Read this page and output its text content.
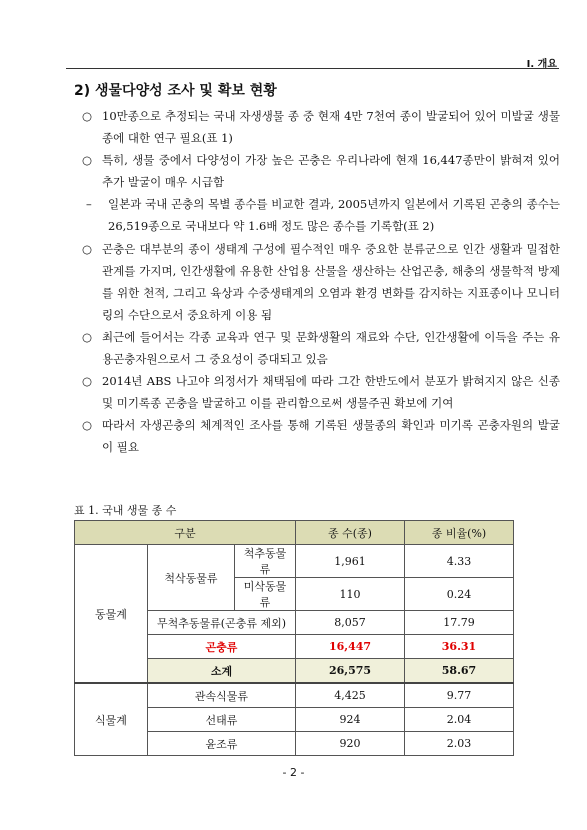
I. 개요
2) 생물다양성 조사 및 확보 현황
○ 10만종으로 추정되는 국내 자생생물 종 중 현재 4만 7천여 종이 발굴되어 있어 미발굴 생물종에 대한 연구 필요(표 1)
○ 특히, 생물 중에서 다양성이 가장 높은 곤충은 우리나라에 현재 16,447종만이 밝혀져 있어 추가 발굴이 매우 시급함
– 일본과 국내 곤충의 목별 종수를 비교한 결과, 2005년까지 일본에서 기록된 곤충의 종수는 26,519종으로 국내보다 약 1.6배 정도 많은 종수를 기록함(표 2)
○ 곤충은 대부분의 종이 생태계 구성에 필수적인 매우 중요한 분류군으로 인간 생활과 밀접한 관계를 가지며, 인간생활에 유용한 산업용 산물을 생산하는 산업곤충, 해충의 생물학적 방제를 위한 천적, 그리고 육상과 수중생태계의 오염과 환경 변화를 감지하는 지표종이나 모니터링의 수단으로서 중요하게 이용 됨
○ 최근에 들어서는 각종 교육과 연구 및 문화생활의 재료와 수단, 인간생활에 이득을 주는 유용곤충자원으로서 그 중요성이 증대되고 있음
○ 2014년 ABS 나고야 의정서가 채택됨에 따라 그간 한반도에서 분포가 밝혀지지 않은 신종 및 미기록종 곤충을 발굴하고 이를 관리함으로써 생물주권 확보에 기여
○ 따라서 자생곤충의 체계적인 조사를 통해 기록된 생물종의 확인과 미기록 곤충자원의 발굴이 필요
표 1. 국내 생물 종 수
구분			종 수(종)	종 비율(%)
동물계	척삭동물류	척추동물류	1,961	4.33
		미삭동물류	110	0.24
	무척추동물류(곤충류 제외)		8,057	17.79
	곤충류		16,447	36.31
	소계		26,575	58.67
식물계	관속식물류		4,425	9.77
	선태류		924	2.04
	윤조류		920	2.03
- 2 -
